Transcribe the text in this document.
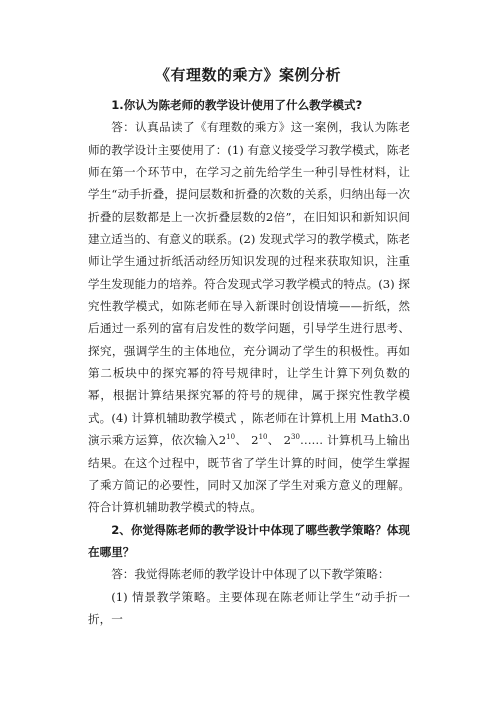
《有理数的乘方》案例分析

1.你认为陈老师的教学设计使用了什么教学模式?

答：认真品读了《有理数的乘方》这一案例，我认为陈老师的教学设计主要使用了：(1) 有意义接受学习教学模式，陈老师在第一个环节中，在学习之前先给学生一种引导性材料，让学生“动手折叠，提问层数和折叠的次数的关系，归纳出每一次折叠的层数都是上一次折叠层数的2倍”，在旧知识和新知识间建立适当的、有意义的联系。(2) 发现式学习的教学模式，陈老师让学生通过折纸活动经历知识发现的过程来获取知识，注重学生发现能力的培养。符合发现式学习教学模式的特点。(3) 探究性教学模式，如陈老师在导入新课时创设情境——折纸，然后通过一系列的富有启发性的数学问题，引导学生进行思考、探究，强调学生的主体地位，充分调动了学生的积极性。再如第二板块中的探究幂的符号规律时，让学生计算下列负数的幂，根据计算结果探究幂的符号的规律，属于探究性教学模式。(4) 计算机辅助教学模式 ，陈老师在计算机上用 Math3.0 演示乘方运算，依次输入$2^{10}$、 $2^{10}$、 $2^{30}\dots\dots$ 计算机马上输出结果。在这个过程中，既节省了学生计算的时间，使学生掌握了乘方简记的必要性，同时又加深了学生对乘方意义的理解。符合计算机辅助教学模式的特点。

2、你觉得陈老师的教学设计中体现了哪些教学策略？体现在哪里？

答：我觉得陈老师的教学设计中体现了以下教学策略：

(1) 情景教学策略。主要体现在陈老师让学生“动手折一折，一
